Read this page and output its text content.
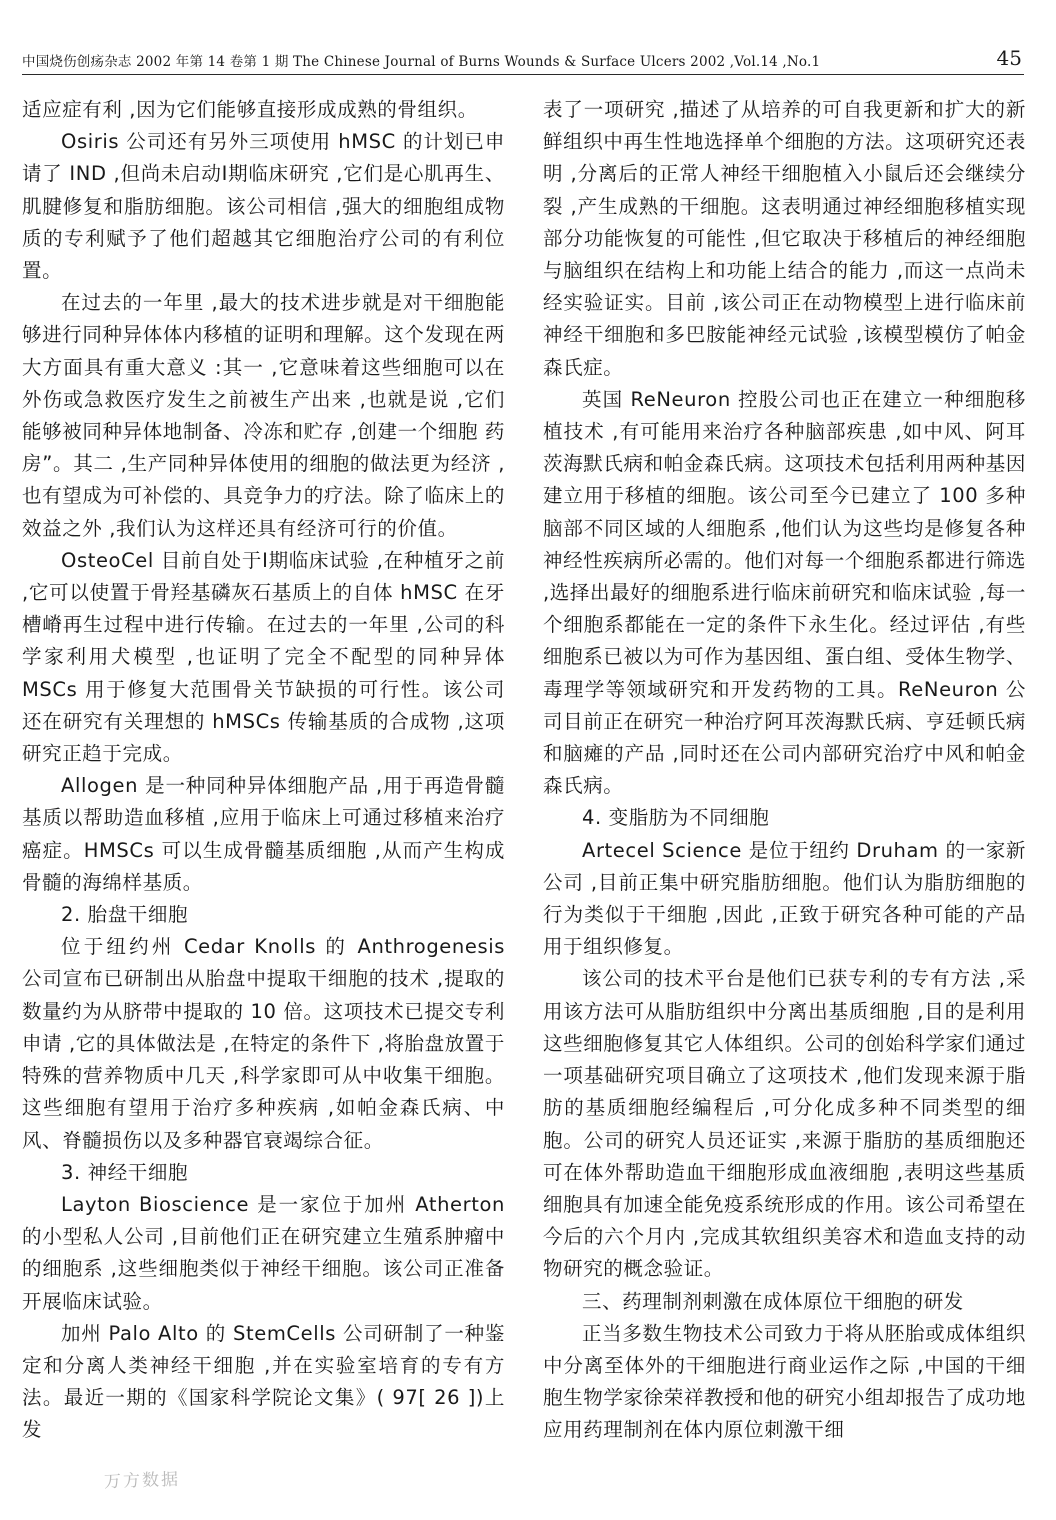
中国烧伤创疡杂志 2002 年第 14 卷第 1 期 The Chinese Journal of Burns Wounds & Surface Ulcers 2002 ,Vol.14 ,No.1	45

适应症有利 ,因为它们能够直接形成成熟的骨组织。

Osiris 公司还有另外三项使用 hMSC 的计划已申请了 IND ,但尚未启动Ⅰ期临床研究 ,它们是心肌再生、肌腱修复和脂肪细胞。该公司相信 ,强大的细胞组成物质的专利赋予了他们超越其它细胞治疗公司的有利位置。

在过去的一年里 ,最大的技术进步就是对干细胞能够进行同种异体体内移植的证明和理解。这个发现在两大方面具有重大意义 :其一 ,它意味着这些细胞可以在外伤或急救医疗发生之前被生产出来 ,也就是说 ,它们能够被同种异体地制备、冷冻和贮存 ,创建一个细胞 药房”。其二 ,生产同种异体使用的细胞的做法更为经济 ,也有望成为可补偿的、具竞争力的疗法。除了临床上的效益之外 ,我们认为这样还具有经济可行的价值。

OsteoCel 目前自处于Ⅰ期临床试验 ,在种植牙之前 ,它可以使置于骨羟基磷灰石基质上的自体 hMSC 在牙槽嵴再生过程中进行传输。在过去的一年里 ,公司的科学家利用犬模型 ,也证明了完全不配型的同种异体 MSCs 用于修复大范围骨关节缺损的可行性。该公司还在研究有关理想的 hMSCs 传输基质的合成物 ,这项研究正趋于完成。

Allogen 是一种同种异体细胞产品 ,用于再造骨髓基质以帮助造血移植 ,应用于临床上可通过移植来治疗癌症。HMSCs 可以生成骨髓基质细胞 ,从而产生构成骨髓的海绵样基质。

2. 胎盘干细胞

位于纽约州 Cedar Knolls 的 Anthrogenesis 公司宣布已研制出从胎盘中提取干细胞的技术 ,提取的数量约为从脐带中提取的 10 倍。这项技术已提交专利申请 ,它的具体做法是 ,在特定的条件下 ,将胎盘放置于特殊的营养物质中几天 ,科学家即可从中收集干细胞。这些细胞有望用于治疗多种疾病 ,如帕金森氏病、中风、脊髓损伤以及多种器官衰竭综合征。

3. 神经干细胞

Layton Bioscience 是一家位于加州 Atherton 的小型私人公司 ,目前他们正在研究建立生殖系肿瘤中的细胞系 ,这些细胞类似于神经干细胞。该公司正准备开展临床试验。

加州 Palo Alto 的 StemCells 公司研制了一种鉴定和分离人类神经干细胞 ,并在实验室培育的专有方法。最近一期的《国家科学院论文集》( 97[ 26 ])上发

表了一项研究 ,描述了从培养的可自我更新和扩大的新鲜组织中再生性地选择单个细胞的方法。这项研究还表明 ,分离后的正常人神经干细胞植入小鼠后还会继续分裂 ,产生成熟的干细胞。这表明通过神经细胞移植实现部分功能恢复的可能性 ,但它取决于移植后的神经细胞与脑组织在结构上和功能上结合的能力 ,而这一点尚未经实验证实。目前 ,该公司正在动物模型上进行临床前神经干细胞和多巴胺能神经元试验 ,该模型模仿了帕金森氏症。

英国 ReNeuron 控股公司也正在建立一种细胞移植技术 ,有可能用来治疗各种脑部疾患 ,如中风、阿耳茨海默氏病和帕金森氏病。这项技术包括利用两种基因建立用于移植的细胞。该公司至今已建立了 100 多种脑部不同区域的人细胞系 ,他们认为这些均是修复各种神经性疾病所必需的。他们对每一个细胞系都进行筛选 ,选择出最好的细胞系进行临床前研究和临床试验 ,每一个细胞系都能在一定的条件下永生化。经过评估 ,有些细胞系已被以为可作为基因组、蛋白组、受体生物学、毒理学等领域研究和开发药物的工具。ReNeuron 公司目前正在研究一种治疗阿耳茨海默氏病、亨廷顿氏病和脑瘫的产品 ,同时还在公司内部研究治疗中风和帕金森氏病。

4. 变脂肪为不同细胞

Artecel Science 是位于纽约 Druham 的一家新公司 ,目前正集中研究脂肪细胞。他们认为脂肪细胞的行为类似于干细胞 ,因此 ,正致于研究各种可能的产品用于组织修复。

该公司的技术平台是他们已获专利的专有方法 ,采用该方法可从脂肪组织中分离出基质细胞 ,目的是利用这些细胞修复其它人体组织。公司的创始科学家们通过一项基础研究项目确立了这项技术 ,他们发现来源于脂肪的基质细胞经编程后 ,可分化成多种不同类型的细胞。公司的研究人员还证实 ,来源于脂肪的基质细胞还可在体外帮助造血干细胞形成血液细胞 ,表明这些基质细胞具有加速全能免疫系统形成的作用。该公司希望在今后的六个月内 ,完成其软组织美容术和造血支持的动物研究的概念验证。

三、药理制剂刺激在成体原位干细胞的研发

正当多数生物技术公司致力于将从胚胎或成体组织中分离至体外的干细胞进行商业运作之际 ,中国的干细胞生物学家徐荣祥教授和他的研究小组却报告了成功地应用药理制剂在体内原位刺激干细

万方数据
